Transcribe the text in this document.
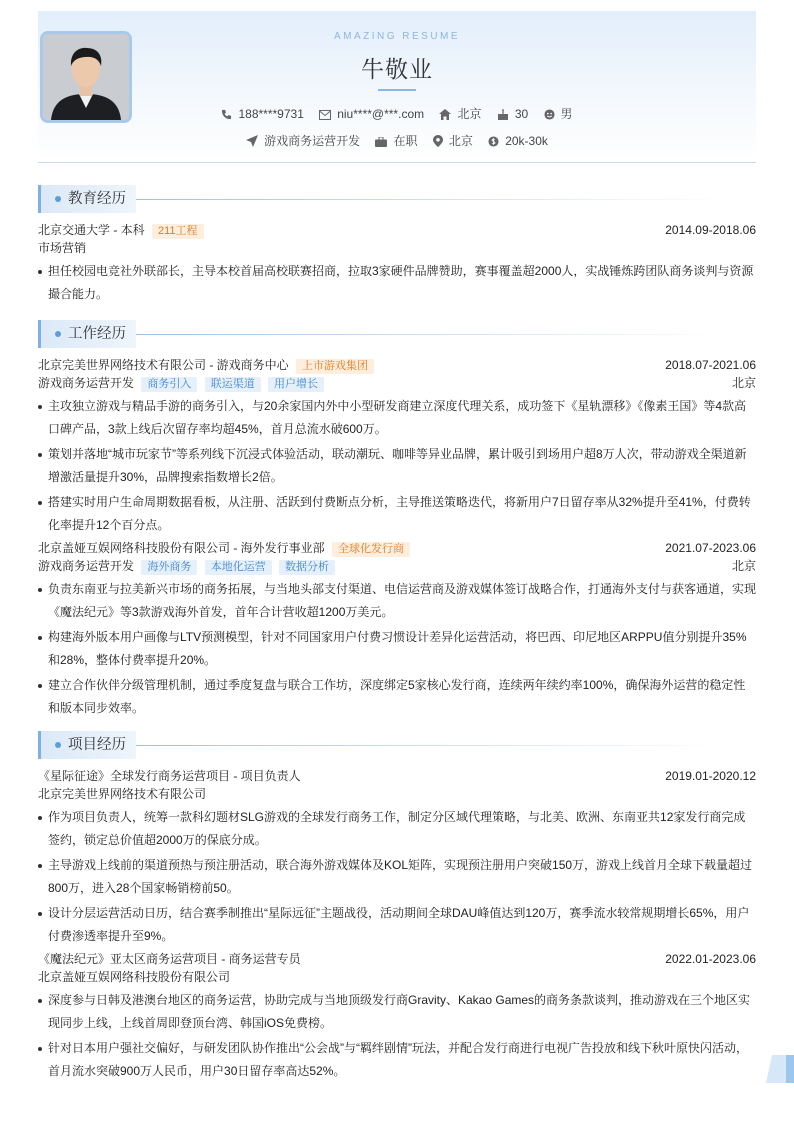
AMAZING RESUME
牛敬业
188****9731	niu****@***.com	北京	30	男
游戏商务运营开发	在职	北京	20k-30k
教育经历
北京交通大学 - 本科 211工程	2014.09-2018.06
市场营销
担任校园电竞社外联部长，主导本校首届高校联赛招商，拉取3家硬件品牌赞助，赛事覆盖超2000人，实战锤炼跨团队商务谈判与资源撮合能力。
工作经历
北京完美世界网络技术有限公司 - 游戏商务中心 上市游戏集团	2018.07-2021.06
游戏商务运营开发 商务引入 联运渠道 用户增长	北京
主攻独立游戏与精品手游的商务引入，与20余家国内外中小型研发商建立深度代理关系，成功签下《星轨漂移》《像素王国》等4款高口碑产品，3款上线后次留存率均超45%，首月总流水破600万。
策划并落地“城市玩家节”等系列线下沉浸式体验活动，联动潮玩、咖啡等异业品牌，累计吸引到场用户超8万人次，带动游戏全渠道新增激活量提升30%，品牌搜索指数增长2倍。
搭建实时用户生命周期数据看板，从注册、活跃到付费断点分析，主导推送策略迭代，将新用户7日留存率从32%提升至41%，付费转化率提升12个百分点。
北京盖娅互娱网络科技股份有限公司 - 海外发行事业部 全球化发行商	2021.07-2023.06
游戏商务运营开发 海外商务 本地化运营 数据分析	北京
负责东南亚与拉美新兴市场的商务拓展，与当地头部支付渠道、电信运营商及游戏媒体签订战略合作，打通海外支付与获客通道，实现《魔法纪元》等3款游戏海外首发，首年合计营收超1200万美元。
构建海外版本用户画像与LTV预测模型，针对不同国家用户付费习惯设计差异化运营活动，将巴西、印尼地区ARPPU值分别提升35%和28%，整体付费率提升20%。
建立合作伙伴分级管理机制，通过季度复盘与联合工作坊，深度绑定5家核心发行商，连续两年续约率100%，确保海外运营的稳定性和版本同步效率。
项目经历
《星际征途》全球发行商务运营项目 - 项目负责人	2019.01-2020.12
北京完美世界网络技术有限公司
作为项目负责人，统筹一款科幻题材SLG游戏的全球发行商务工作，制定分区域代理策略，与北美、欧洲、东南亚共12家发行商完成签约，锁定总价值超2000万的保底分成。
主导游戏上线前的渠道预热与预注册活动，联合海外游戏媒体及KOL矩阵，实现预注册用户突破150万，游戏上线首月全球下载量超过800万，进入28个国家畅销榜前50。
设计分层运营活动日历，结合赛季制推出“星际远征”主题战役，活动期间全球DAU峰值达到120万，赛季流水较常规期增长65%，用户付费渗透率提升至9%。
《魔法纪元》亚太区商务运营项目 - 商务运营专员	2022.01-2023.06
北京盖娅互娱网络科技股份有限公司
深度参与日韩及港澳台地区的商务运营，协助完成与当地顶级发行商Gravity、Kakao Games的商务条款谈判，推动游戏在三个地区实现同步上线，上线首周即登顶台湾、韩国iOS免费榜。
针对日本用户强社交偏好，与研发团队协作推出“公会战”与“羁绊剧情”玩法，并配合发行商进行电视广告投放和线下秋叶原快闪活动，首月流水突破900万人民币，用户30日留存率高达52%。
